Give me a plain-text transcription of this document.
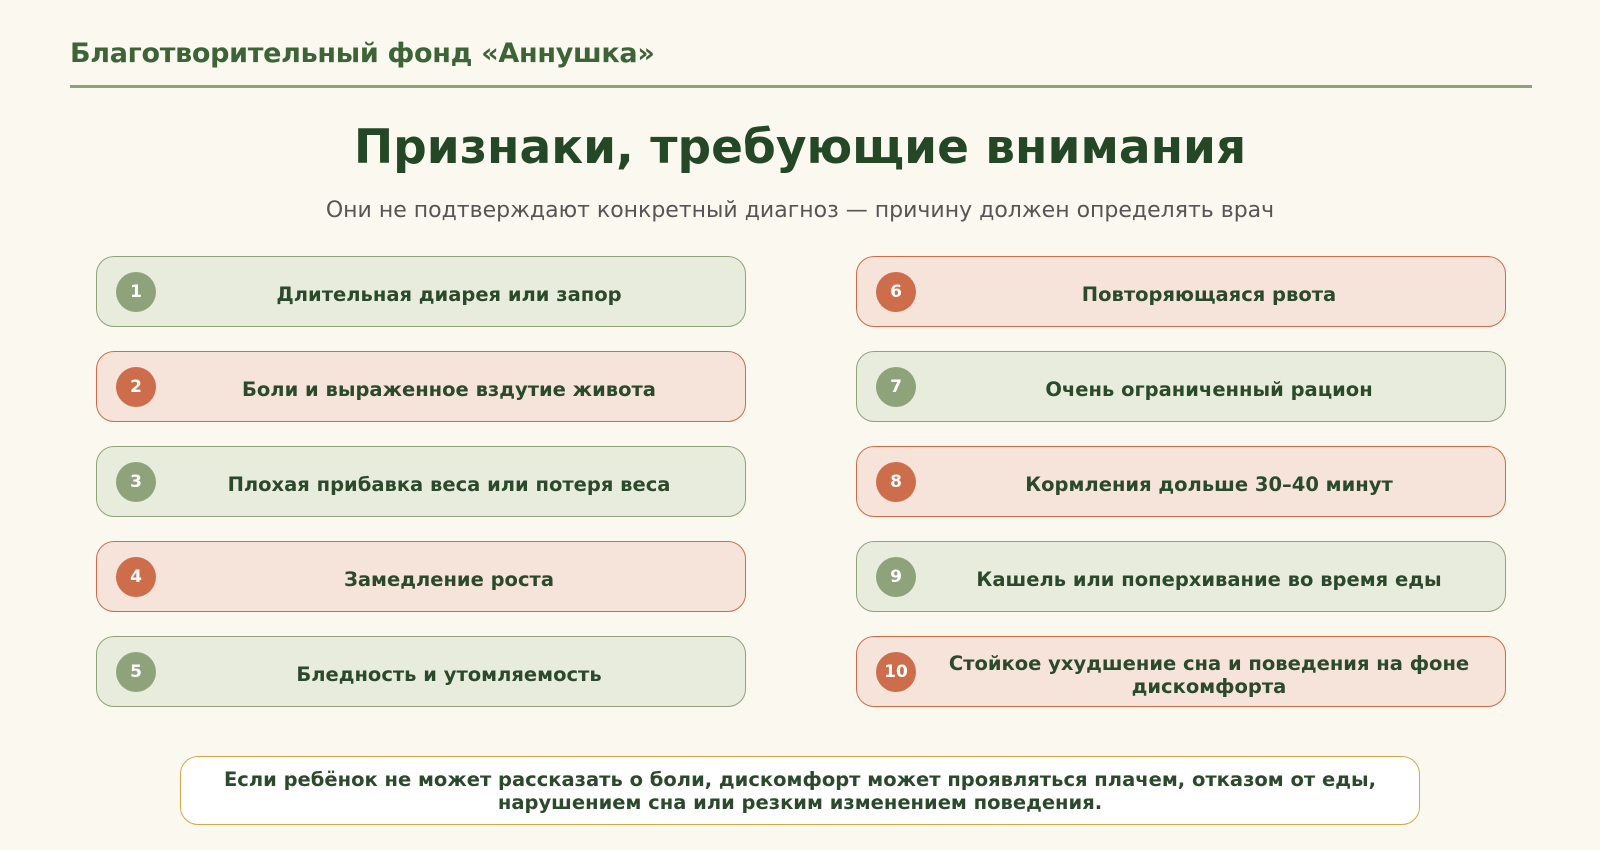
Благотворительный фонд «Аннушка»
Признаки, требующие внимания
Они не подтверждают конкретный диагноз — причину должен определять врач
1	Длительная диарея или запор
2	Боли и выраженное вздутие живота
3	Плохая прибавка веса или потеря веса
4	Замедление роста
5	Бледность и утомляемость
6	Повторяющаяся рвота
7	Очень ограниченный рацион
8	Кормления дольше 30–40 минут
9	Кашель или поперхивание во время еды
10	Стойкое ухудшение сна и поведения на фоне дискомфорта
Если ребёнок не может рассказать о боли, дискомфорт может проявляться плачем, отказом от еды, нарушением сна или резким изменением поведения.
